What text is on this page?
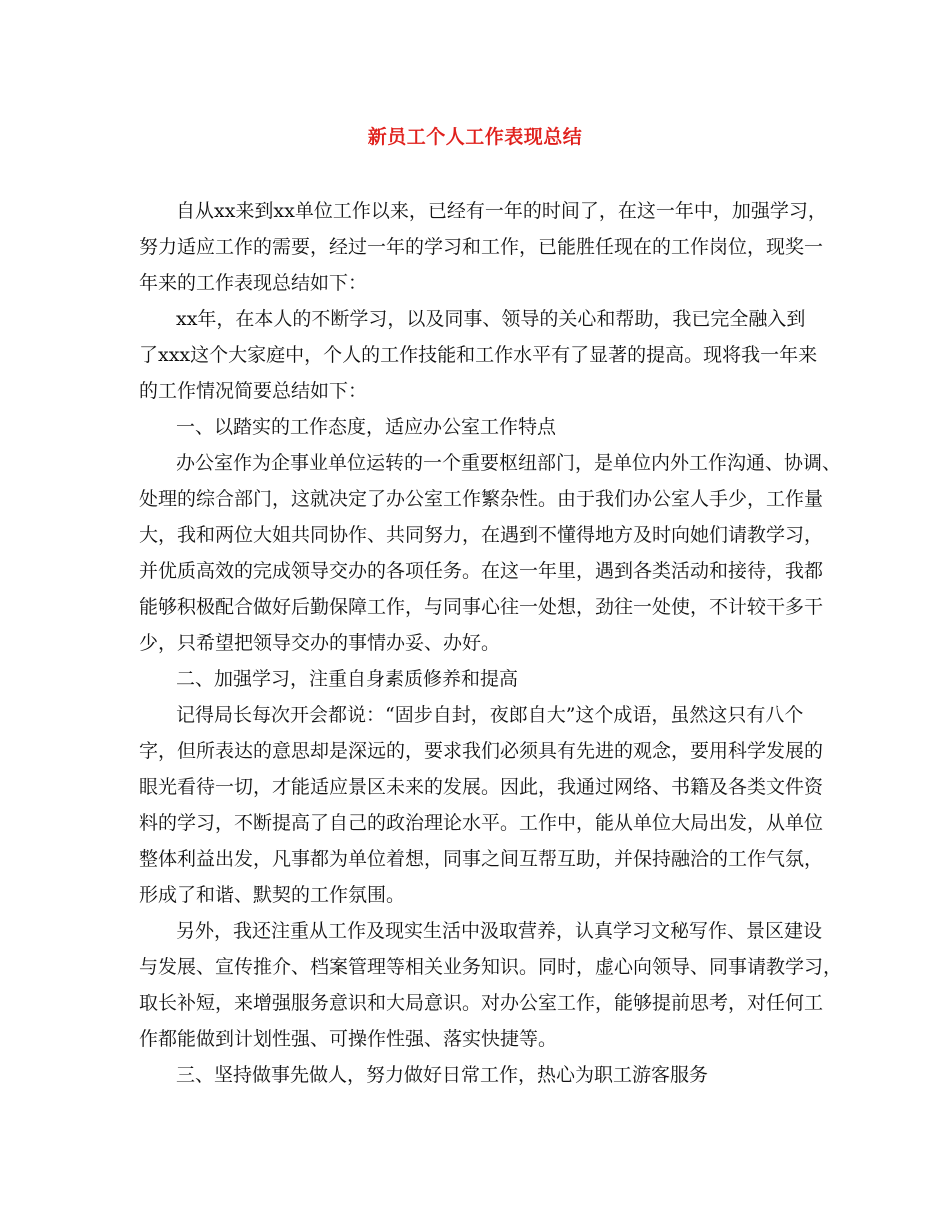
新员工个人工作表现总结
自从xx来到xx单位工作以来，已经有一年的时间了，在这一年中，加强学习，
努力适应工作的需要，经过一年的学习和工作，已能胜任现在的工作岗位，现奖一
年来的工作表现总结如下：
xx年，在本人的不断学习，以及同事、领导的关心和帮助，我已完全融入到
了xxx这个大家庭中，个人的工作技能和工作水平有了显著的提高。现将我一年来
的工作情况简要总结如下：
一、以踏实的工作态度，适应办公室工作特点
办公室作为企事业单位运转的一个重要枢纽部门，是单位内外工作沟通、协调、
处理的综合部门，这就决定了办公室工作繁杂性。由于我们办公室人手少，工作量
大，我和两位大姐共同协作、共同努力，在遇到不懂得地方及时向她们请教学习，
并优质高效的完成领导交办的各项任务。在这一年里，遇到各类活动和接待，我都
能够积极配合做好后勤保障工作，与同事心往一处想，劲往一处使，不计较干多干
少，只希望把领导交办的事情办妥、办好。
二、加强学习，注重自身素质修养和提高
记得局长每次开会都说：“固步自封，夜郎自大”这个成语，虽然这只有八个
字，但所表达的意思却是深远的，要求我们必须具有先进的观念，要用科学发展的
眼光看待一切，才能适应景区未来的发展。因此，我通过网络、书籍及各类文件资
料的学习，不断提高了自己的政治理论水平。工作中，能从单位大局出发，从单位
整体利益出发，凡事都为单位着想，同事之间互帮互助，并保持融洽的工作气氛，
形成了和谐、默契的工作氛围。
另外，我还注重从工作及现实生活中汲取营养，认真学习文秘写作、景区建设
与发展、宣传推介、档案管理等相关业务知识。同时，虚心向领导、同事请教学习，
取长补短，来增强服务意识和大局意识。对办公室工作，能够提前思考，对任何工
作都能做到计划性强、可操作性强、落实快捷等。
三、坚持做事先做人，努力做好日常工作，热心为职工游客服务
